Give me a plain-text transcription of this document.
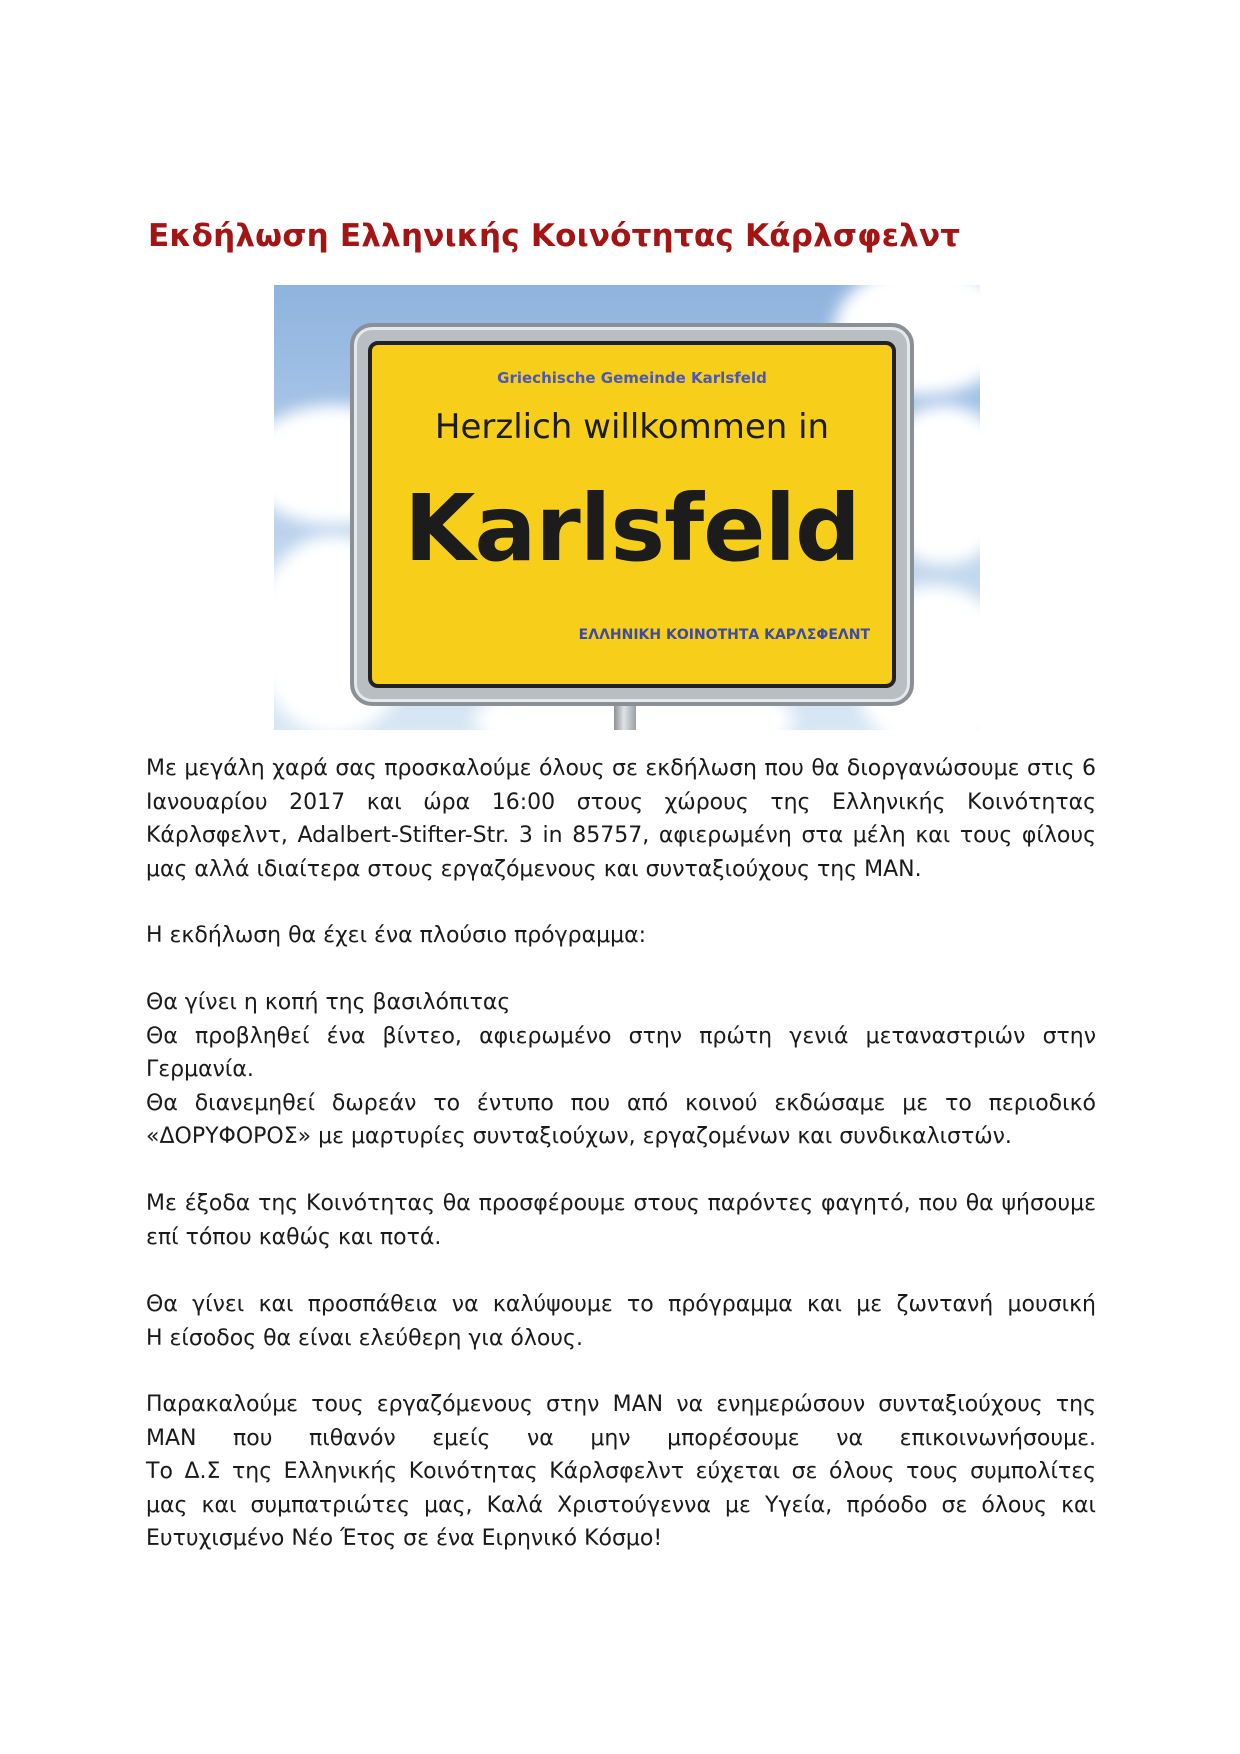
Εκδήλωση Ελληνικής Κοινότητας Κάρλσφελντ
Griechische Gemeinde Karlsfeld
Herzlich willkommen in
Karlsfeld
ΕΛΛΗΝΙΚΗ ΚΟΙΝΟΤΗΤΑ ΚΑΡΛΣΦΕΛΝΤ

Με μεγάλη χαρά σας προσκαλούμε όλους σε εκδήλωση που θα διοργανώσουμε στις 6 Ιανουαρίου 2017 και ώρα 16:00 στους χώρους της Ελληνικής Κοινότητας Κάρλσφελντ, Adalbert-Stifter-Str. 3 in 85757, αφιερωμένη στα μέλη και τους φίλους μας αλλά ιδιαίτερα στους εργαζόμενους και συνταξιούχους της MAN.

Η εκδήλωση θα έχει ένα πλούσιο πρόγραμμα:

Θα γίνει η κοπή της βασιλόπιτας
Θα προβληθεί ένα βίντεο, αφιερωμένο στην πρώτη γενιά μεταναστριών στην Γερμανία.
Θα διανεμηθεί δωρεάν το έντυπο που από κοινού εκδώσαμε με το περιοδικό «ΔΟΡΥΦΟΡΟΣ» με μαρτυρίες συνταξιούχων, εργαζομένων και συνδικαλιστών.

Με έξοδα της Κοινότητας θα προσφέρουμε στους παρόντες φαγητό, που θα ψήσουμε επί τόπου καθώς και ποτά.

Θα γίνει και προσπάθεια να καλύψουμε το πρόγραμμα και με ζωντανή μουσική
Η είσοδος θα είναι ελεύθερη για όλους.
Παρακαλούμε τους εργαζόμενους στην MAN να ενημερώσουν συνταξιούχους της MAN που πιθανόν εμείς να μην μπορέσουμε να επικοινωνήσουμε.
Το Δ.Σ της Ελληνικής Κοινότητας Κάρλσφελντ εύχεται σε όλους τους συμπολίτες μας και συμπατριώτες μας, Καλά Χριστούγεννα με Υγεία, πρόοδο σε όλους και Ευτυχισμένο Νέο Έτος σε ένα Ειρηνικό Κόσμο!
